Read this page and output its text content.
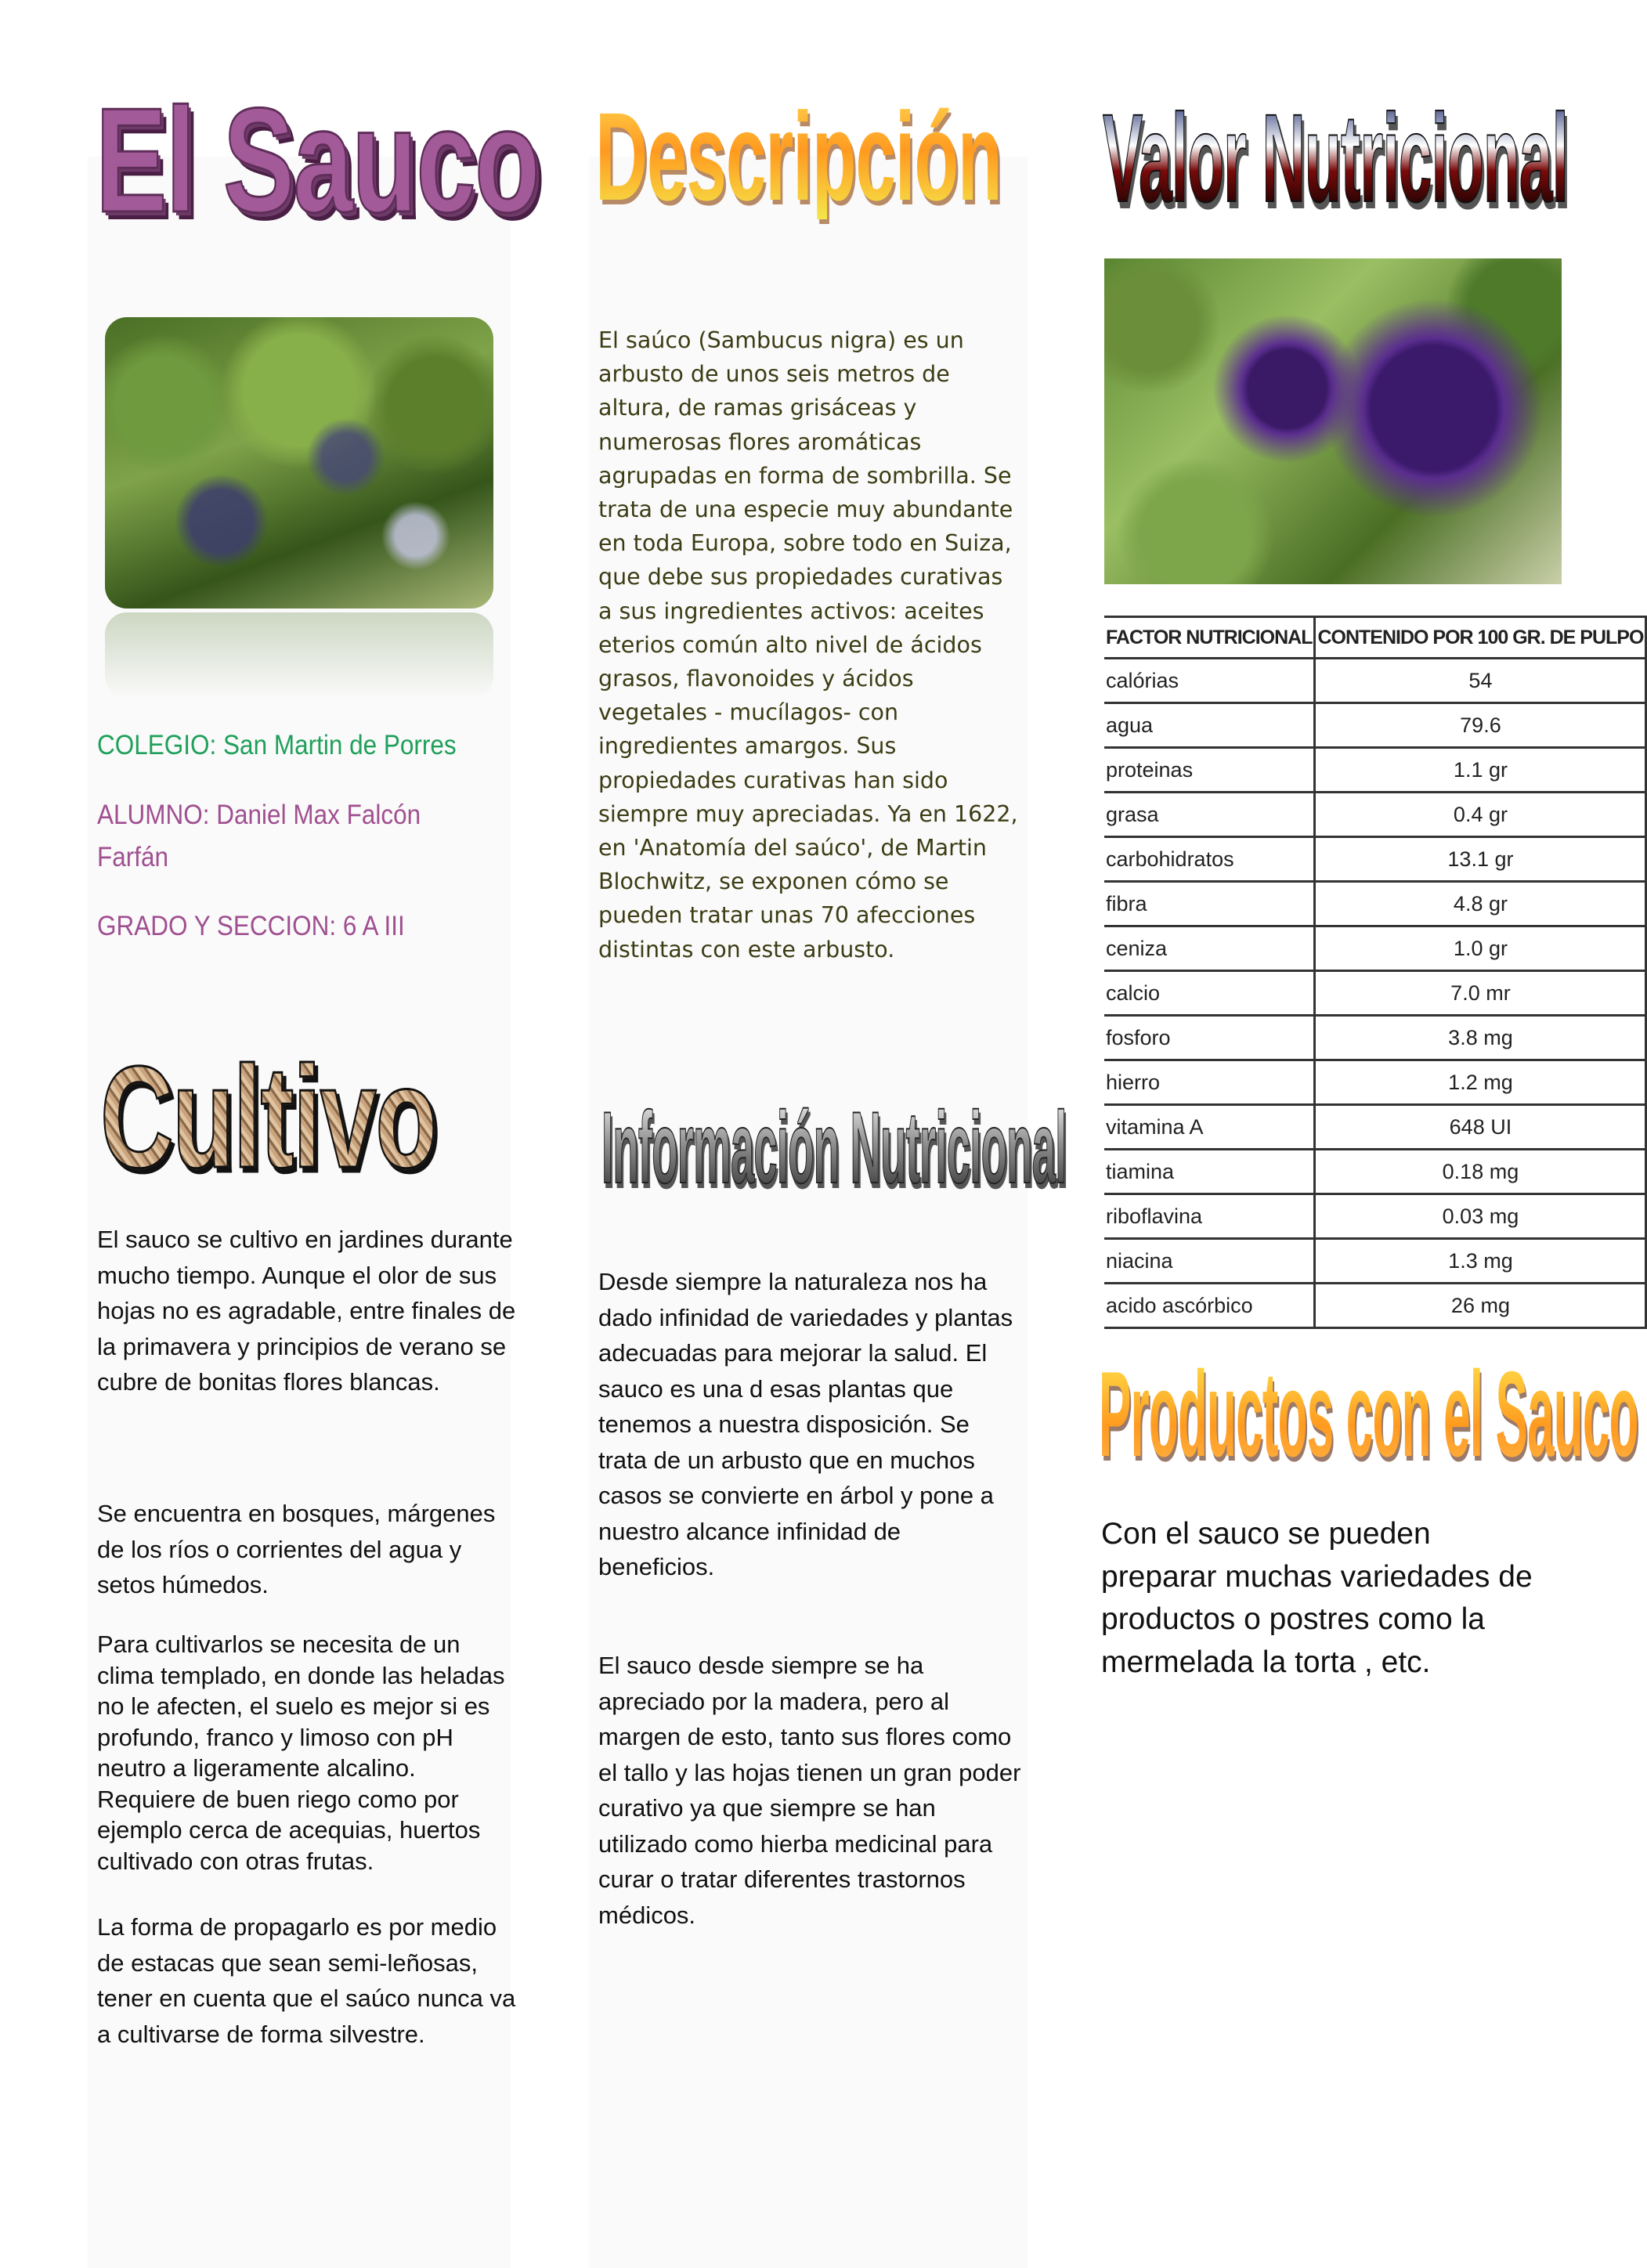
El Sauco Descripción Valor Nutricional
Cultivo Información Nutricional
Productos con el Sauco
COLEGIO: San Martin de Porres
ALUMNO: Daniel Max Falcón Farfán
GRADO Y SECCION: 6 A III

El saúco (Sambucus nigra) es un arbusto de unos seis metros de altura, de ramas grisáceas y numerosas flores aromáticas agrupadas en forma de sombrilla. Se trata de una especie muy abundante en toda Europa, sobre todo en Suiza, que debe sus propiedades curativas a sus ingredientes activos: aceites eterios común alto nivel de ácidos grasos, flavonoides y ácidos vegetales - mucílagos- con ingredientes amargos. Sus propiedades curativas han sido siempre muy apreciadas. Ya en 1622, en 'Anatomía del saúco', de Martin Blochwitz, se exponen cómo se pueden tratar unas 70 afecciones distintas con este arbusto.

El sauco se cultivo en jardines durante mucho tiempo. Aunque el olor de sus hojas no es agradable, entre finales de la primavera y principios de verano se cubre de bonitas flores blancas.

Se encuentra en bosques, márgenes de los ríos o corrientes del agua y setos húmedos.

Para cultivarlos se necesita de un clima templado, en donde las heladas no le afecten, el suelo es mejor si es profundo, franco y limoso con pH neutro a ligeramente alcalino. Requiere de buen riego como por ejemplo cerca de acequias, huertos cultivado con otras frutas.

La forma de propagarlo es por medio de estacas que sean semi-leñosas, tener en cuenta que el saúco nunca va a cultivarse de forma silvestre.

Desde siempre la naturaleza nos ha dado infinidad de variedades y plantas adecuadas para mejorar la salud. El sauco es una d esas plantas que tenemos a nuestra disposición. Se trata de un arbusto que en muchos casos se convierte en árbol y pone a nuestro alcance infinidad de beneficios.

El sauco desde siempre se ha apreciado por la madera, pero al margen de esto, tanto sus flores como el tallo y las hojas tienen un gran poder curativo ya que siempre se han utilizado como hierba medicinal para curar o tratar diferentes trastornos médicos.

Con el sauco se pueden preparar muchas variedades de productos o postres como la mermelada la torta , etc.

FACTOR NUTRICIONAL	CONTENIDO POR 100 GR. DE PULPO
calórias	54
agua	79.6
proteinas	1.1 gr
grasa	0.4 gr
carbohidratos	13.1 gr
fibra	4.8 gr
ceniza	1.0 gr
calcio	7.0 mr
fosforo	3.8 mg
hierro	1.2 mg
vitamina A	648 UI
tiamina	0.18 mg
riboflavina	0.03 mg
niacina	1.3 mg
acido ascórbico	26 mg
